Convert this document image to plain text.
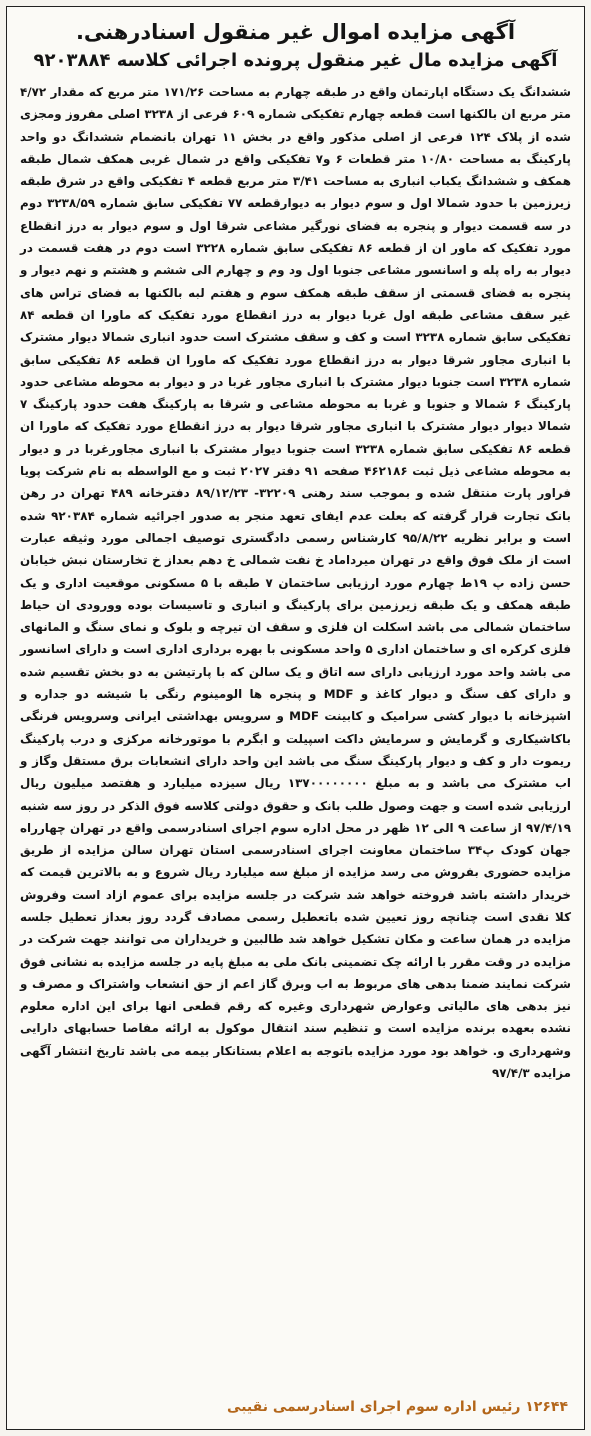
آگهی مزایده اموال غیر منقول اسنادرهنی.
آگهی مزایده مال غیر منقول پرونده اجرائی کلاسه ۹۲۰۳۸۸۴
ششدانگ یک دستگاه اپارتمان واقع در طبقه چهارم به مساحت ۱۷۱/۲۶ متر مربع که مقدار ۴/۷۲ متر مربع ان بالکنها است قطعه چهارم تفکیکی شماره ۶۰۹ فرعی از ۳۲۳۸ اصلی مفروز ومجزی شده از پلاک ۱۲۴ فرعی از اصلی مذکور واقع در بخش ۱۱ تهران بانضمام ششدانگ دو واحد پارکینگ به مساحت ۱۰/۸۰ متر قطعات ۶ و۷ تفکیکی واقع در شمال غربی همکف شمال طبقه همکف و ششدانگ یکباب انباری به مساحت ۳/۴۱ متر مربع قطعه ۴ تفکیکی واقع در شرق طبقه زیرزمین با حدود شمالا اول و سوم دیوار به دیوارقطعه ۷۷ تفکیکی سابق شماره ۳۲۳۸/۵۹ دوم در سه قسمت دیوار و پنجره به فضای نورگیر مشاعی شرقا اول و سوم دیوار به درز انقطاع مورد تفکیک که ماور ان از قطعه ۸۶ تفکیکی سابق شماره ۳۲۲۸ است دوم در هفت قسمت در دیوار به راه پله و اسانسور مشاعی جنوبا اول ود وم و چهارم الی ششم و هشتم و نهم دیوار و پنجره به فضای قسمتی از سقف طبقه همکف سوم و هفتم لبه بالکنها به فضای تراس های غیر سقف مشاعی طبقه اول غربا دیوار به درز انقطاع مورد تفکیک که ماورا ان قطعه ۸۴ تفکیکی سابق شماره ۳۲۳۸ است و کف و سقف مشترک است حدود انباری شمالا دیوار مشترک با انباری مجاور شرقا دیوار به درز انقطاع مورد تفکیک که ماورا ان قطعه ۸۶ تفکیکی سابق شماره ۳۲۳۸ است جنوبا دیوار مشترک با انباری مجاور غربا در و دیوار به محوطه مشاعی حدود پارکینگ ۶ شمالا و جنوبا و غربا به محوطه مشاعی و شرقا به پارکینگ هفت حدود پارکینگ ۷ شمالا دیوار دیوار مشترک با انباری مجاور شرقا دیوار به درز انقطاع مورد تفکیک که ماورا ان قطعه ۸۶ تفکیکی سابق شماره ۳۲۳۸ است جنوبا دیوار مشترک با انباری مجاورغربا در و دیوار به محوطه مشاعی ذیل ثبت ۴۶۲۱۸۶ صفحه ۹۱ دفتر ۲۰۲۷ ثبت و مع الواسطه به نام شرکت پویا فراور پارت منتقل شده و بموجب سند رهنی ۳۲۲۰۹- ۸۹/۱۲/۲۳ دفترخانه ۴۸۹ تهران در رهن بانک تجارت قرار گرفته که بعلت عدم ایفای تعهد منجر به صدور اجرائیه شماره ۹۲۰۳۸۴ شده است و برابر نظریه ۹۵/۸/۲۲ کارشناس رسمی دادگستری توصیف اجمالی مورد وثیقه عبارت است از ملک فوق واقع در تهران میرداماد خ نفت شمالی خ دهم بعداز خ تخارستان نبش خیابان حسن زاده پ ۱۹ط چهارم مورد ارزیابی ساختمان ۷ طبقه با ۵ مسکونی موقعیت اداری و یک طبقه همکف و یک طبقه زیرزمین برای پارکینگ و انباری و تاسیسات بوده وورودی ان حیاط ساختمان شمالی می باشد اسکلت ان فلزی و سقف ان تیرچه و بلوک و نمای سنگ و المانهای فلزی کرکره ای و ساختمان اداری ۵ واحد مسکونی با بهره برداری اداری است و دارای اسانسور می باشد واحد مورد ارزیابی دارای سه اتاق و یک سالن که با پارتیشن به دو بخش تقسیم شده و دارای کف سنگ و دیوار کاغذ و MDF و پنجره ها الومینوم رنگی با شیشه دو جداره و اشپزخانه با دیوار کشی سرامیک و کابینت MDF و سرویس بهداشتی ایرانی وسرویس فرنگی باکاشیکاری و گرمایش و سرمایش داکت اسپیلت و ابگرم با موتورخانه مرکزی و درب پارکینگ ریموت دار و کف و دیوار پارکینگ سنگ می باشد این واحد دارای انشعابات برق مستقل وگاز و اب مشترک می باشد و به مبلغ ۱۳۷۰۰۰۰۰۰۰۰ ریال سیزده میلیارد و هفتصد میلیون ریال ارزیابی شده است و جهت وصول طلب بانک و حقوق دولتی کلاسه فوق الذکر در روز سه شنبه ۹۷/۴/۱۹ از ساعت ۹ الی ۱۲ ظهر در محل اداره سوم اجرای اسنادرسمی واقع در تهران چهارراه جهان کودک پ۳۴ ساختمان معاونت اجرای اسنادرسمی استان تهران سالن مزایده از طریق مزایده حضوری بفروش می رسد مزایده از مبلغ سه میلیارد ریال شروع و به بالاترین قیمت که خریدار داشته باشد فروخته خواهد شد شرکت در جلسه مزایده برای عموم ازاد است وفروش کلا نقدی است چنانچه روز تعیین شده باتعطیل رسمی مصادف گردد روز بعداز تعطیل جلسه مزایده در همان ساعت و مکان تشکیل خواهد شد طالبین و خریداران می توانند جهت شرکت در مزایده در وقت مقرر با ارائه چک تضمینی بانک ملی به مبلغ پایه در جلسه مزایده به نشانی فوق شرکت نمایند ضمنا بدهی های مربوط به اب وبرق گاز اعم از حق انشعاب واشتراک و مصرف و نیز بدهی های مالیاتی وعوارض شهرداری وغیره که رقم قطعی انها برای این اداره معلوم نشده بعهده برنده مزایده است و تنظیم سند انتقال موکول به ارائه مفاصا حسابهای دارایی وشهرداری و. خواهد بود مورد مزایده باتوجه به اعلام بستانکار بیمه می باشد تاریخ انتشار آگهی مزایده ۹۷/۴/۳
۱۲۶۴۴ رئیس اداره سوم اجرای اسنادرسمی نقیبی
